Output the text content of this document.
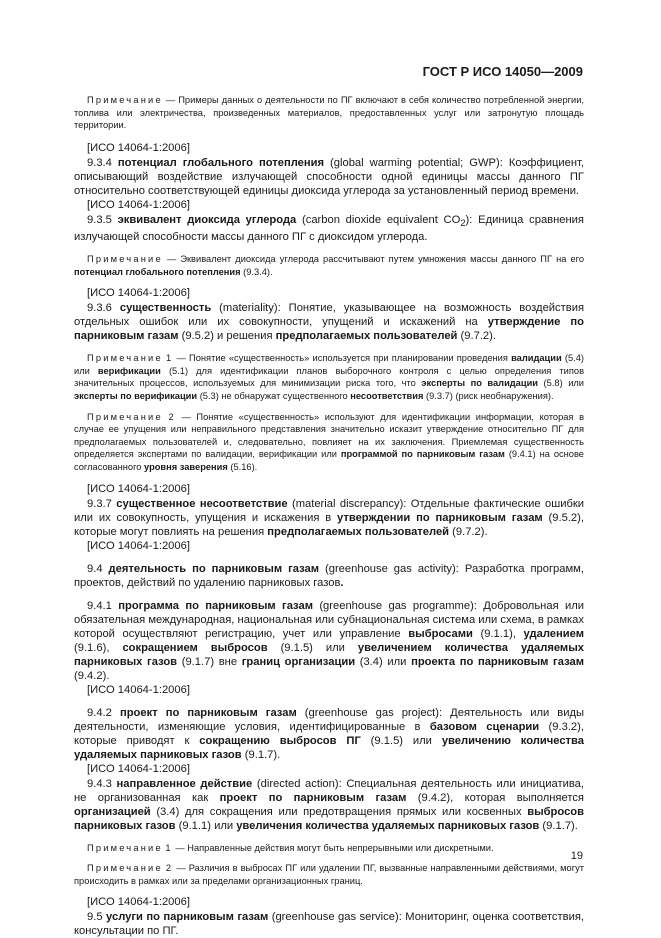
ГОСТ Р ИСО 14050—2009

Примечание — Примеры данных о деятельности по ПГ включают в себя количество потребленной энергии, топлива или электричества, произведенных материалов, предоставленных услуг или затронутую площадь территории.

[ИСО 14064-1:2006]

9.3.4 потенциал глобального потепления (global warming potential; GWP): Коэффициент, описывающий воздействие излучающей способности одной единицы массы данного ПГ относительно соответствующей единицы диоксида углерода за установленный период времени.

[ИСО 14064-1:2006]

9.3.5 эквивалент диоксида углерода (carbon dioxide equivalent $CO_2$): Единица сравнения излучающей способности массы данного ПГ с диоксидом углерода.

Примечание — Эквивалент диоксида углерода рассчитывают путем умножения массы данного ПГ на его потенциал глобального потепления (9.3.4).

[ИСО 14064-1:2006]

9.3.6 существенность (materiality): Понятие, указывающее на возможность воздействия отдельных ошибок или их совокупности, упущений и искажений на утверждение по парниковым газам (9.5.2) и решения предполагаемых пользователей (9.7.2).

Примечание 1 — Понятие «существенность» используется при планировании проведения валидации (5.4) или верификации (5.1) для идентификации планов выборочного контроля с целью определения типов значительных процессов, используемых для минимизации риска того, что эксперты по валидации (5.8) или эксперты по верификации (5.3) не обнаружат существенного несоответствия (9.3.7) (риск необнаружения).

Примечание 2 — Понятие «существенность» используют для идентификации информации, которая в случае ее упущения или неправильного представления значительно исказит утверждение относительно ПГ для предполагаемых пользователей и, следовательно, повлияет на их заключения. Приемлемая существенность определяется экспертами по валидации, верификации или программой по парниковым газам (9.4.1) на основе согласованного уровня заверения (5.16).

[ИСО 14064-1:2006]

9.3.7 существенное несоответствие (material discrepancy): Отдельные фактические ошибки или их совокупность, упущения и искажения в утверждении по парниковым газам (9.5.2), которые могут повлиять на решения предполагаемых пользователей (9.7.2).

[ИСО 14064-1:2006]

9.4 деятельность по парниковым газам (greenhouse gas activity): Разработка программ, проектов, действий по удалению парниковых газов.

9.4.1 программа по парниковым газам (greenhouse gas programme): Добровольная или обязательная международная, национальная или субнациональная система или схема, в рамках которой осуществляют регистрацию, учет или управление выбросами (9.1.1), удалением (9.1.6), сокращением выбросов (9.1.5) или увеличением количества удаляемых парниковых газов (9.1.7) вне границ организации (3.4) или проекта по парниковым газам (9.4.2).

[ИСО 14064-1:2006]

9.4.2 проект по парниковым газам (greenhouse gas project): Деятельность или виды деятельности, изменяющие условия, идентифицированные в базовом сценарии (9.3.2), которые приводят к сокращению выбросов ПГ (9.1.5) или увеличению количества удаляемых парниковых газов (9.1.7).

[ИСО 14064-1:2006]

9.4.3 направленное действие (directed action): Специальная деятельность или инициатива, не организованная как проект по парниковым газам (9.4.2), которая выполняется организацией (3.4) для сокращения или предотвращения прямых или косвенных выбросов парниковых газов (9.1.1) или увеличения количества удаляемых парниковых газов (9.1.7).

Примечание 1 — Направленные действия могут быть непрерывными или дискретными.

Примечание 2 — Различия в выбросах ПГ или удалении ПГ, вызванные направленными действиями, могут происходить в рамках или за пределами организационных границ.

[ИСО 14064-1:2006]

9.5 услуги по парниковым газам (greenhouse gas service): Мониторинг, оценка соответствия, консультации по ПГ.

19
